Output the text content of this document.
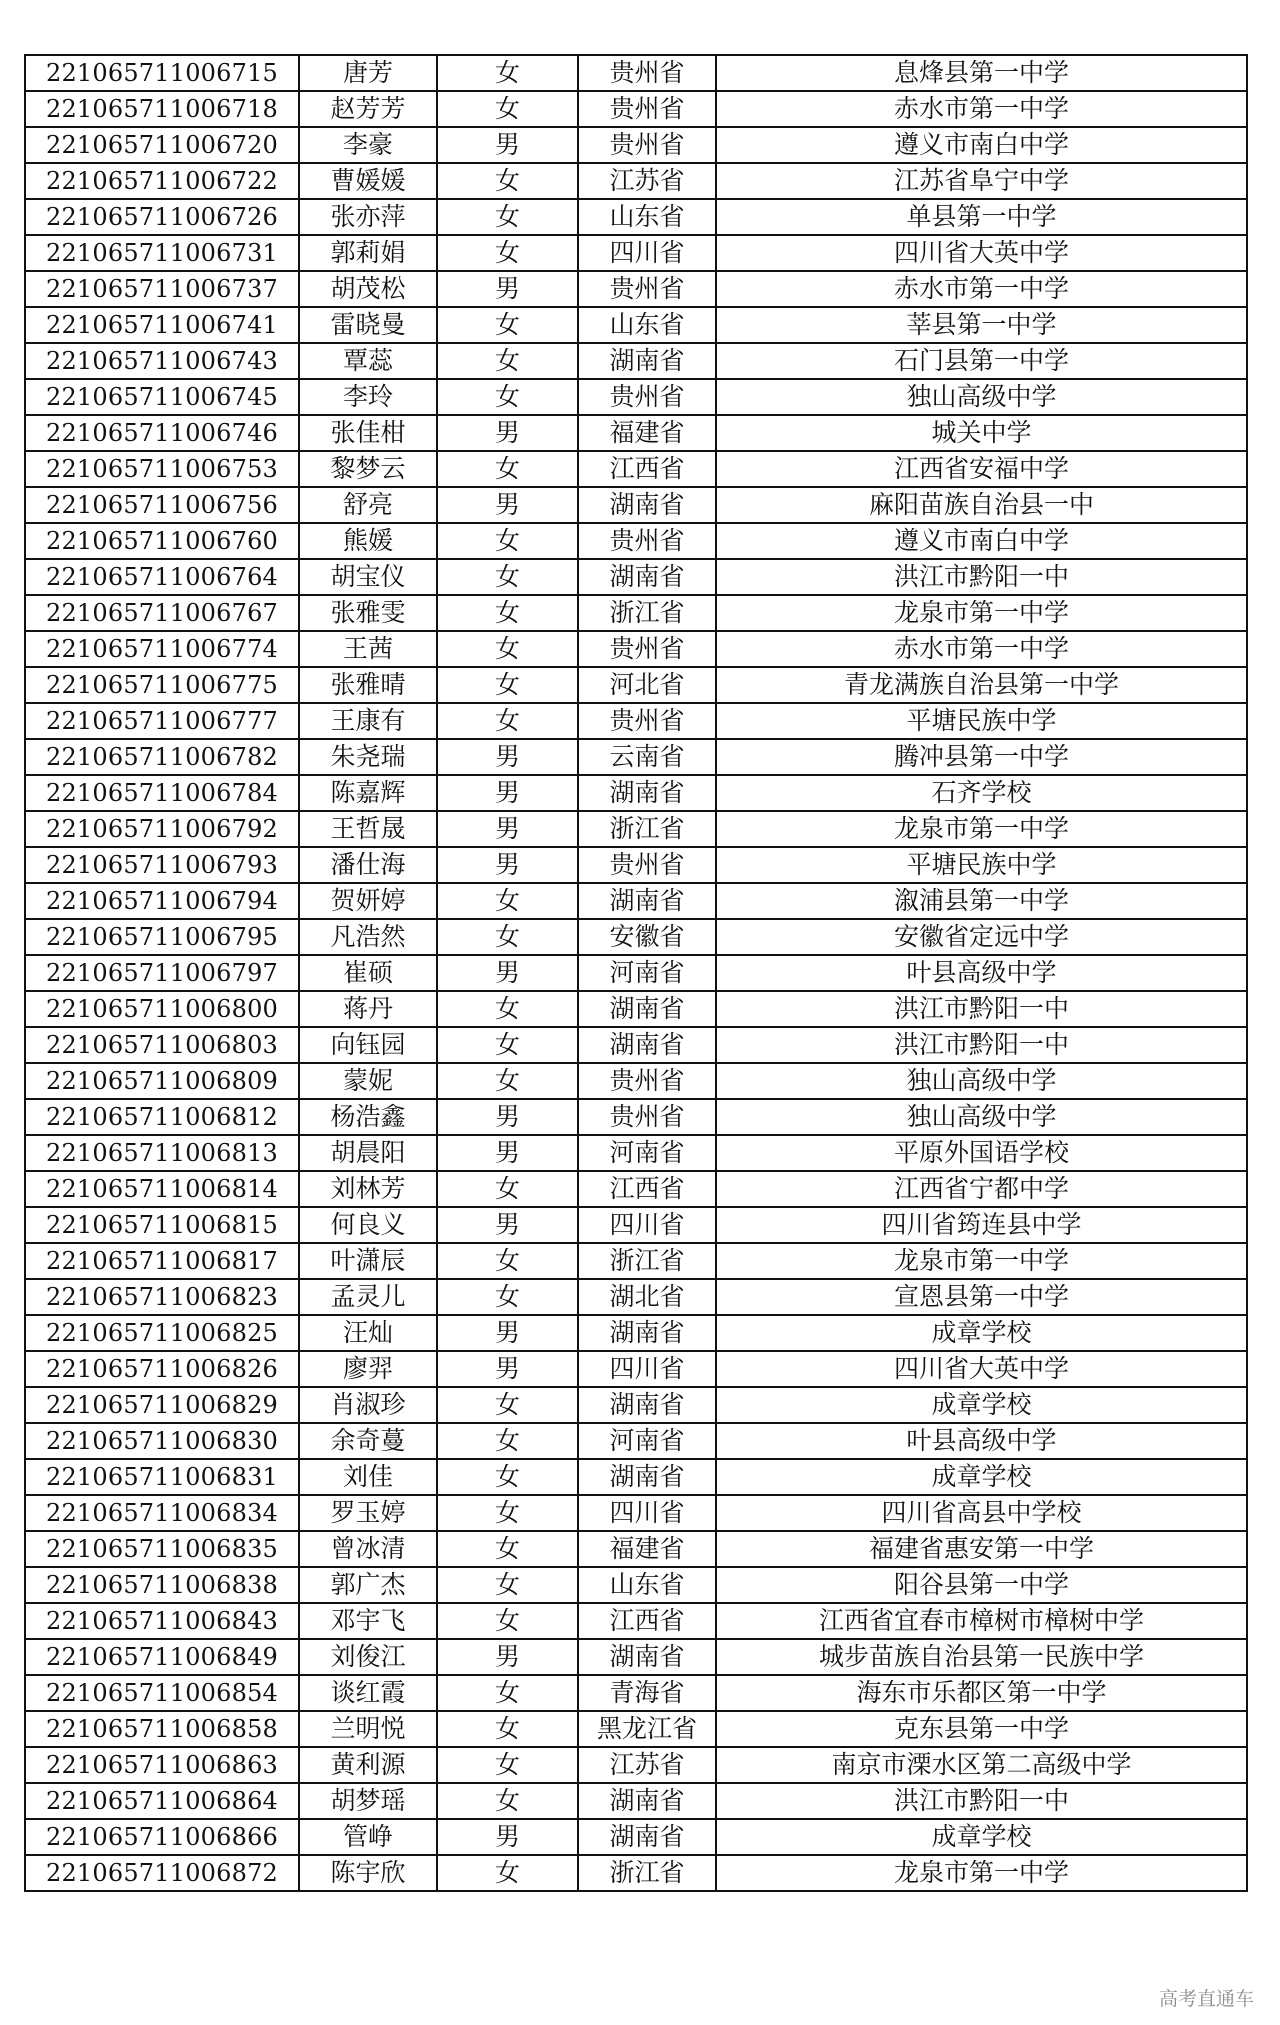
221065711006715	唐芳	女	贵州省	息烽县第一中学
221065711006718	赵芳芳	女	贵州省	赤水市第一中学
221065711006720	李豪	男	贵州省	遵义市南白中学
221065711006722	曹媛媛	女	江苏省	江苏省阜宁中学
221065711006726	张亦萍	女	山东省	单县第一中学
221065711006731	郭莉娟	女	四川省	四川省大英中学
221065711006737	胡茂松	男	贵州省	赤水市第一中学
221065711006741	雷晓曼	女	山东省	莘县第一中学
221065711006743	覃蕊	女	湖南省	石门县第一中学
221065711006745	李玲	女	贵州省	独山高级中学
221065711006746	张佳柑	男	福建省	城关中学
221065711006753	黎梦云	女	江西省	江西省安福中学
221065711006756	舒亮	男	湖南省	麻阳苗族自治县一中
221065711006760	熊媛	女	贵州省	遵义市南白中学
221065711006764	胡宝仪	女	湖南省	洪江市黔阳一中
221065711006767	张雅雯	女	浙江省	龙泉市第一中学
221065711006774	王茜	女	贵州省	赤水市第一中学
221065711006775	张雅晴	女	河北省	青龙满族自治县第一中学
221065711006777	王康有	女	贵州省	平塘民族中学
221065711006782	朱尧瑞	男	云南省	腾冲县第一中学
221065711006784	陈嘉辉	男	湖南省	石齐学校
221065711006792	王哲晟	男	浙江省	龙泉市第一中学
221065711006793	潘仕海	男	贵州省	平塘民族中学
221065711006794	贺妍婷	女	湖南省	溆浦县第一中学
221065711006795	凡浩然	女	安徽省	安徽省定远中学
221065711006797	崔硕	男	河南省	叶县高级中学
221065711006800	蒋丹	女	湖南省	洪江市黔阳一中
221065711006803	向钰园	女	湖南省	洪江市黔阳一中
221065711006809	蒙妮	女	贵州省	独山高级中学
221065711006812	杨浩鑫	男	贵州省	独山高级中学
221065711006813	胡晨阳	男	河南省	平原外国语学校
221065711006814	刘林芳	女	江西省	江西省宁都中学
221065711006815	何良义	男	四川省	四川省筠连县中学
221065711006817	叶潇辰	女	浙江省	龙泉市第一中学
221065711006823	孟灵儿	女	湖北省	宣恩县第一中学
221065711006825	汪灿	男	湖南省	成章学校
221065711006826	廖羿	男	四川省	四川省大英中学
221065711006829	肖淑珍	女	湖南省	成章学校
221065711006830	余奇蔓	女	河南省	叶县高级中学
221065711006831	刘佳	女	湖南省	成章学校
221065711006834	罗玉婷	女	四川省	四川省高县中学校
221065711006835	曾冰清	女	福建省	福建省惠安第一中学
221065711006838	郭广杰	女	山东省	阳谷县第一中学
221065711006843	邓宇飞	女	江西省	江西省宜春市樟树市樟树中学
221065711006849	刘俊江	男	湖南省	城步苗族自治县第一民族中学
221065711006854	谈红霞	女	青海省	海东市乐都区第一中学
221065711006858	兰明悦	女	黑龙江省	克东县第一中学
221065711006863	黄利源	女	江苏省	南京市溧水区第二高级中学
221065711006864	胡梦瑶	女	湖南省	洪江市黔阳一中
221065711006866	管峥	男	湖南省	成章学校
221065711006872	陈宇欣	女	浙江省	龙泉市第一中学
高考直通车
